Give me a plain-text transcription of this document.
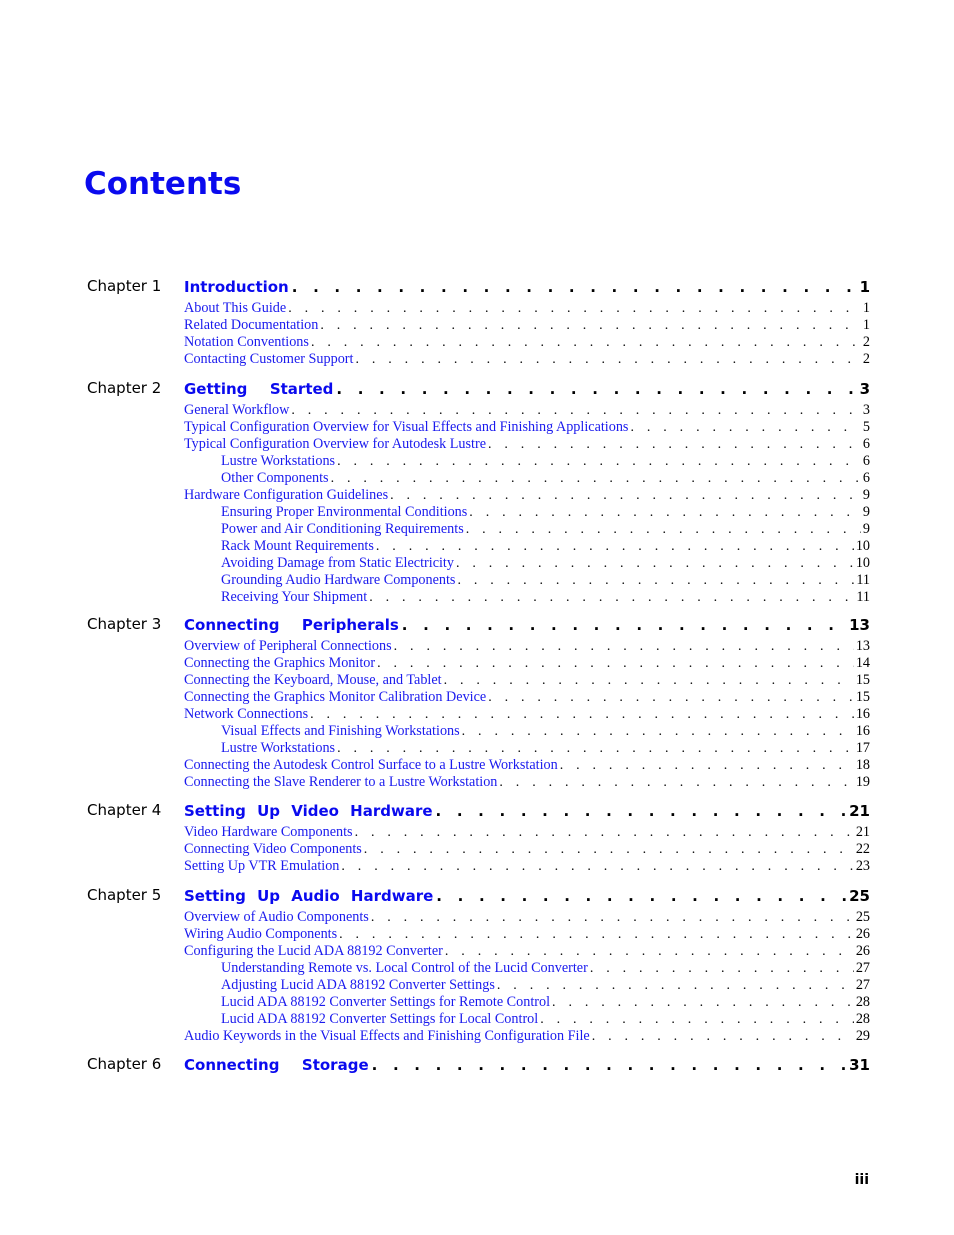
Contents
Chapter 1 Introduction . . .	1
About This Guide . . .	1
Related Documentation . . .	1
Notation Conventions . . .	2
Contacting Customer Support . . .	2
Chapter 2 Getting  Started . . .	3
General Workflow . . .	3
Typical Configuration Overview for Visual Effects and Finishing Applications . . .	5
Typical Configuration Overview for Autodesk Lustre . . .	6
Lustre Workstations . . .	6
Other Components . . .	6
Hardware Configuration Guidelines . . .	9
Ensuring Proper Environmental Conditions . . .	9
Power and Air Conditioning Requirements . . .	9
Rack Mount Requirements . . .	10
Avoiding Damage from Static Electricity . . .	10
Grounding Audio Hardware Components . . .	11
Receiving Your Shipment . . .	11
Chapter 3 Connecting  Peripherals . . .	13
Overview of Peripheral Connections . . .	13
Connecting the Graphics Monitor . . .	14
Connecting the Keyboard, Mouse, and Tablet . . .	15
Connecting the Graphics Monitor Calibration Device . . .	15
Network Connections . . .	16
Visual Effects and Finishing Workstations . . .	16
Lustre Workstations . . .	17
Connecting the Autodesk Control Surface to a Lustre Workstation . . .	18
Connecting the Slave Renderer to a Lustre Workstation . . .	19
Chapter 4 Setting Up Video Hardware . . .	21
Video Hardware Components . . .	21
Connecting Video Components . . .	22
Setting Up VTR Emulation . . .	23
Chapter 5 Setting Up Audio Hardware . . .	25
Overview of Audio Components . . .	25
Wiring Audio Components . . .	26
Configuring the Lucid ADA 88192 Converter . . .	26
Understanding Remote vs. Local Control of the Lucid Converter . . .	27
Adjusting Lucid ADA 88192 Converter Settings . . .	27
Lucid ADA 88192 Converter Settings for Remote Control . . .	28
Lucid ADA 88192 Converter Settings for Local Control . . .	28
Audio Keywords in the Visual Effects and Finishing Configuration File . . .	29
Chapter 6 Connecting  Storage . . .	31
iii
